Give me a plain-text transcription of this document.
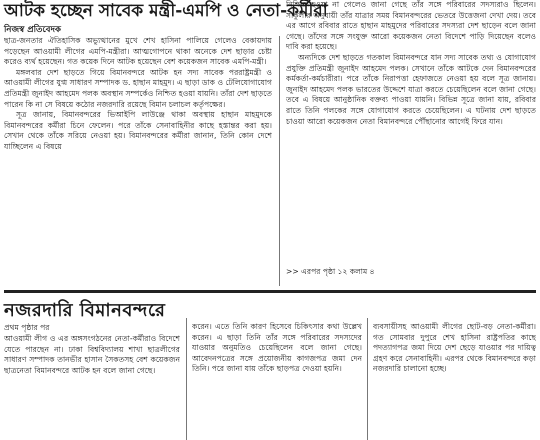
আটক হচ্ছেন সাবেক মন্ত্রী-এমপি ও নেতা-কর্মীরা
নিজস্ব প্রতিবেদক

ছাত্র-জনতার ঐতিহাসিক অভ্যুত্থানের মুখে শেখ হাসিনা পালিয়ে গেলেও বেকায়দায় পড়েছেন আওয়ামী লীগের এমপি-মন্ত্রীরা। আত্মগোপনে থাকা অনেকে দেশ ছাড়ার চেষ্টা করেও ব্যর্থ হয়েছেন। গত কয়েক দিনে আটক হয়েছেন বেশ কয়েকজন সাবেক এমপি-মন্ত্রী।

মঙ্গলবার দেশ ছাড়তে গিয়ে বিমানবন্দরে আটক হন সদ্য সাবেক পররাষ্ট্রমন্ত্রী ও আওয়ামী লীগের যুগ্ম সাধারণ সম্পাদক ড. হাছান মাহমুদ। এ ছাড়া ডাক ও টেলিযোগাযোগ প্রতিমন্ত্রী জুনাইদ আহমেদ পলক অবস্থান সম্পর্কেও নিশ্চিত হওয়া যায়নি। তাঁরা দেশ ছাড়তে পারেন কি না সে বিষয়ে কঠোর নজরদারি রয়েছে বিমান চলাচল কর্তৃপক্ষের।

সূত্র জানায়, বিমানবন্দরের ভিআইপি লাউঞ্জে থাকা অবস্থায় হাছান মাহমুদকে বিমানবন্দরের কর্মীরা চিনে ফেলেন। পরে তাঁকে সেনাবাহিনীর কাছে হস্তান্তর করা হয়। সেখান থেকে তাঁকে সরিয়ে নেওয়া হয়। বিমানবন্দরের কর্মীরা জানান, তিনি কোন দেশে যাচ্ছিলেন এ বিষয়ে

নিশ্চিত হওয়া না গেলেও জানা গেছে তাঁর সঙ্গে পরিবারের সদস্যরাও ছিলেন। সার্কুলার অনুযায়ী তাঁর যাত্রার সময় বিমানবন্দরের ভেতরে উত্তেজনা দেখা দেয়। তবে এর আগে রবিবার রাতে হাছান মাহমুদের পরিবারের সদস্যরা দেশ ছাড়েন বলে জানা গেছে। তাঁদের সঙ্গে সংযুক্ত আরো কয়েকজন নেতা বিদেশে পাড়ি দিয়েছেন বলেও দাবি করা হয়েছে।

অন্যদিকে দেশ ছাড়তে গতকাল বিমানবন্দরে যান সদ্য সাবেক তথ্য ও যোগাযোগ প্রযুক্তি প্রতিমন্ত্রী জুনাইদ আহমেদ পলক। সেখানে তাঁকে আটকে দেন বিমানবন্দরের কর্মকর্তা-কর্মচারীরা। পরে তাঁকে নিরাপত্তা হেফাজতে নেওয়া হয় বলে সূত্র জানায়। জুনাইদ আহমেদ পলক ভারতের উদ্দেশে যাত্রা করতে চেয়েছিলেন বলে জানা গেছে। তবে এ বিষয়ে আনুষ্ঠানিক বক্তব্য পাওয়া যায়নি। বিভিন্ন সূত্রে জানা যায়, রবিবার রাতে তিনি পলকের সঙ্গে যোগাযোগ করতে চেয়েছিলেন। এ ঘটনায় দেশ ছাড়তে চাওয়া আরো কয়েকজন নেতা বিমানবন্দরে পৌঁছানোর আগেই ফিরে যান।

>> এরপর পৃষ্ঠা ১২ কলাম ৪
নজরদারি বিমানবন্দরে
প্রথম পৃষ্ঠার পর

আওয়ামী লীগ ও এর অঙ্গসংগঠনের নেতা-কর্মীরাও বিদেশে যেতে পারছেন না। ঢাকা বিশ্ববিদ্যালয় শাখা ছাত্রলীগের সাধারণ সম্পাদক তানভীর হাসান সৈকতসহ বেশ কয়েকজন ছাত্রনেতা বিমানবন্দরে আটক হন বলে জানা গেছে।

করেন। এতে তিনি কারণ হিসেবে চিকিৎসার কথা উল্লেখ করেন। এ ছাড়া তিনি তাঁর সঙ্গে পরিবারের সদস্যদের যাওয়ার অনুমতিও চেয়েছিলেন বলে জানা গেছে। আবেদনপত্রের সঙ্গে প্রয়োজনীয় কাগজপত্র জমা দেন তিনি। পরে জানা যায় তাঁকে ছাড়পত্র দেওয়া হয়নি।

ব্যবসায়ীসহ আওয়ামী লীগের ছোট-বড় নেতা-কর্মীরা। গত সোমবার দুপুরে শেখ হাসিনা রাষ্ট্রপতির কাছে পদত্যাগপত্র জমা দিয়ে দেশ ছেড়ে যাওয়ার পর দায়িত্ব গ্রহণ করে সেনাবাহিনী। এরপর থেকে বিমানবন্দরে কড়া নজরদারি চালানো হচ্ছে।
